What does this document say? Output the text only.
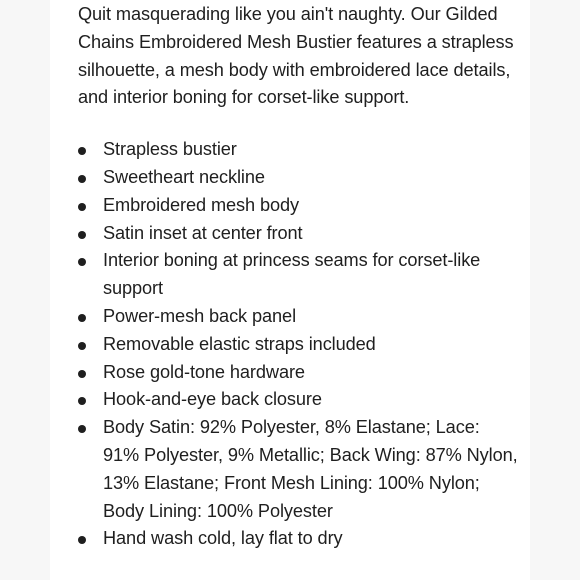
Quit masquerading like you ain't naughty. Our Gilded Chains Embroidered Mesh Bustier features a strapless silhouette, a mesh body with embroidered lace details, and interior boning for corset-like support.

Strapless bustier
Sweetheart neckline
Embroidered mesh body
Satin inset at center front
Interior boning at princess seams for corset-like support
Power-mesh back panel
Removable elastic straps included
Rose gold-tone hardware
Hook-and-eye back closure
Body Satin: 92% Polyester, 8% Elastane; Lace: 91% Polyester, 9% Metallic; Back Wing: 87% Nylon, 13% Elastane; Front Mesh Lining: 100% Nylon; Body Lining: 100% Polyester
Hand wash cold, lay flat to dry
